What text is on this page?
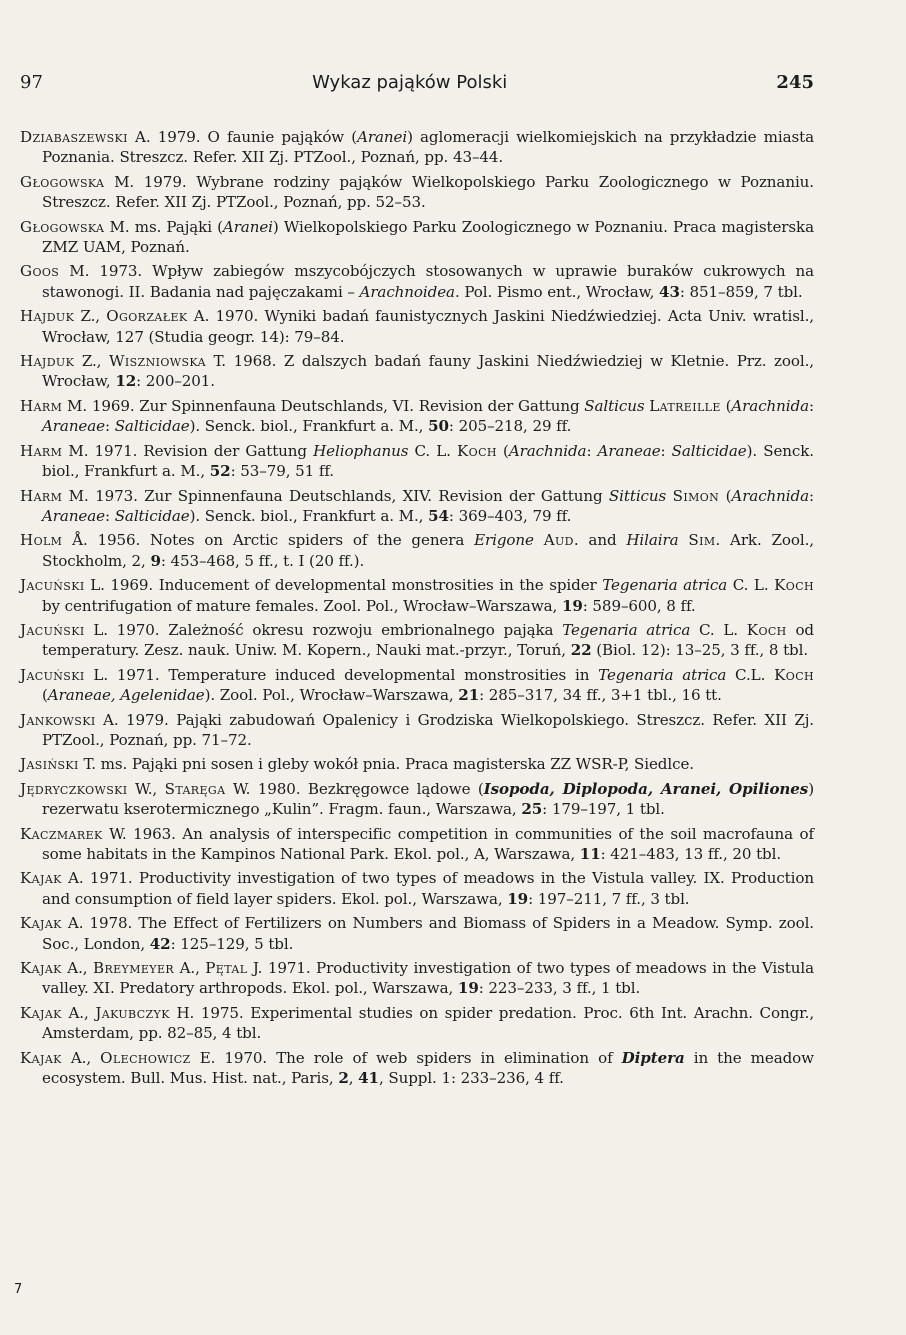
97	Wykaz pająków Polski	245

Dziabaszewski A. 1979. O faunie pająków (Aranei) aglomeracji wielkomiejskich na przykładzie miasta Poznania. Streszcz. Refer. XII Zj. PTZool., Poznań, pp. 43–44.

Głogowska M. 1979. Wybrane rodziny pająków Wielkopolskiego Parku Zoologicznego w Poznaniu. Streszcz. Refer. XII Zj. PTZool., Poznań, pp. 52–53.

Głogowska M. ms. Pająki (Aranei) Wielkopolskiego Parku Zoologicznego w Poznaniu. Praca magisterska ZMZ UAM, Poznań.

Goos M. 1973. Wpływ zabiegów mszycobójczych stosowanych w uprawie buraków cukrowych na stawonogi. II. Badania nad pajęczakami – Arachnoidea. Pol. Pismo ent., Wrocław, 43: 851–859, 7 tbl.

Hajduk Z., Ogorzałek A. 1970. Wyniki badań faunistycznych Jaskini Niedźwiedziej. Acta Univ. wratisl., Wrocław, 127 (Studia geogr. 14): 79–84.

Hajduk Z., Wiszniowska T. 1968. Z dalszych badań fauny Jaskini Niedźwiedziej w Kletnie. Prz. zool., Wrocław, 12: 200–201.

Harm M. 1969. Zur Spinnenfauna Deutschlands, VI. Revision der Gattung Salticus Latreille (Arachnida: Araneae: Salticidae). Senck. biol., Frankfurt a. M., 50: 205–218, 29 ff.

Harm M. 1971. Revision der Gattung Heliophanus C. L. Koch (Arachnida: Araneae: Salticidae). Senck. biol., Frankfurt a. M., 52: 53–79, 51 ff.

Harm M. 1973. Zur Spinnenfauna Deutschlands, XIV. Revision der Gattung Sitticus Simon (Arachnida: Araneae: Salticidae). Senck. biol., Frankfurt a. M., 54: 369–403, 79 ff.

Holm Å. 1956. Notes on Arctic spiders of the genera Erigone Aud. and Hilaira Sim. Ark. Zool., Stockholm, 2, 9: 453–468, 5 ff., t. I (20 ff.).

Jacuński L. 1969. Inducement of developmental monstrosities in the spider Tegenaria atrica C. L. Koch by centrifugation of mature females. Zool. Pol., Wrocław–Warszawa, 19: 589–600, 8 ff.

Jacuński L. 1970. Zależność okresu rozwoju embrionalnego pająka Tegenaria atrica C. L. Koch od temperatury. Zesz. nauk. Uniw. M. Kopern., Nauki mat.-przyr., Toruń, 22 (Biol. 12): 13–25, 3 ff., 8 tbl.

Jacuński L. 1971. Temperature induced developmental monstrosities in Tegenaria atrica C.L. Koch (Araneae, Agelenidae). Zool. Pol., Wrocław–Warszawa, 21: 285–317, 34 ff., 3+1 tbl., 16 tt.

Jankowski A. 1979. Pająki zabudowań Opalenicy i Grodziska Wielkopolskiego. Streszcz. Refer. XII Zj. PTZool., Poznań, pp. 71–72.

Jasiński T. ms. Pająki pni sosen i gleby wokół pnia. Praca magisterska ZZ WSR-P, Siedlce.

Jędryczkowski W., Staręga W. 1980. Bezkręgowce lądowe (Isopoda, Diplopoda, Aranei, Opiliones) rezerwatu kserotermicznego „Kulin”. Fragm. faun., Warszawa, 25: 179–197, 1 tbl.

Kaczmarek W. 1963. An analysis of interspecific competition in communities of the soil macrofauna of some habitats in the Kampinos National Park. Ekol. pol., A, Warszawa, 11: 421–483, 13 ff., 20 tbl.

Kajak A. 1971. Productivity investigation of two types of meadows in the Vistula valley. IX. Production and consumption of field layer spiders. Ekol. pol., Warszawa, 19: 197–211, 7 ff., 3 tbl.

Kajak A. 1978. The Effect of Fertilizers on Numbers and Biomass of Spiders in a Meadow. Symp. zool. Soc., London, 42: 125–129, 5 tbl.

Kajak A., Breymeyer A., Pętal J. 1971. Productivity investigation of two types of meadows in the Vistula valley. XI. Predatory arthropods. Ekol. pol., Warszawa, 19: 223–233, 3 ff., 1 tbl.

Kajak A., Jakubczyk H. 1975. Experimental studies on spider predation. Proc. 6th Int. Arachn. Congr., Amsterdam, pp. 82–85, 4 tbl.

Kajak A., Olechowicz E. 1970. The role of web spiders in elimination of Diptera in the meadow ecosystem. Bull. Mus. Hist. nat., Paris, 2, 41, Suppl. 1: 233–236, 4 ff.

7
